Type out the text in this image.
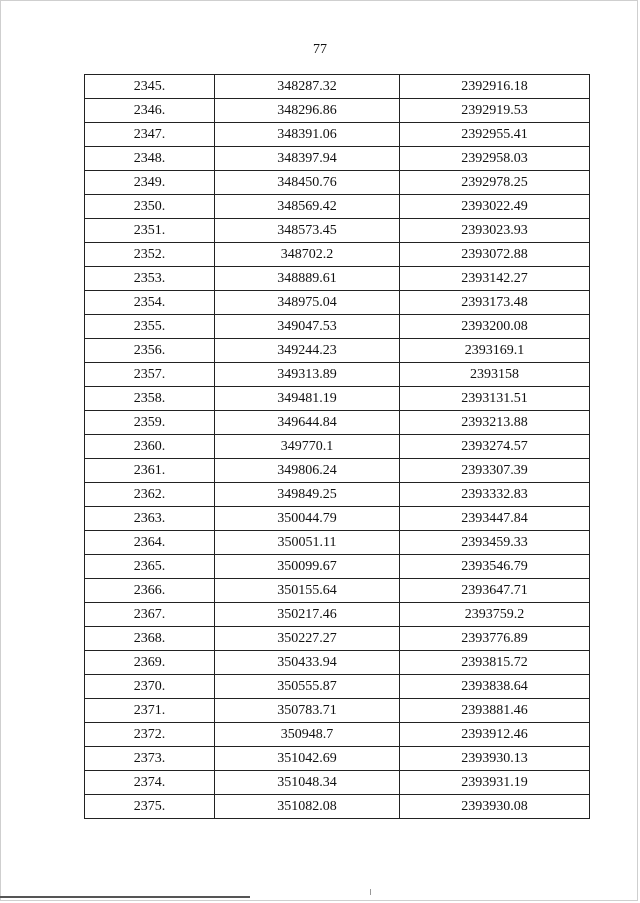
77
2345.	348287.32	2392916.18
2346.	348296.86	2392919.53
2347.	348391.06	2392955.41
2348.	348397.94	2392958.03
2349.	348450.76	2392978.25
2350.	348569.42	2393022.49
2351.	348573.45	2393023.93
2352.	348702.2	2393072.88
2353.	348889.61	2393142.27
2354.	348975.04	2393173.48
2355.	349047.53	2393200.08
2356.	349244.23	2393169.1
2357.	349313.89	2393158
2358.	349481.19	2393131.51
2359.	349644.84	2393213.88
2360.	349770.1	2393274.57
2361.	349806.24	2393307.39
2362.	349849.25	2393332.83
2363.	350044.79	2393447.84
2364.	350051.11	2393459.33
2365.	350099.67	2393546.79
2366.	350155.64	2393647.71
2367.	350217.46	2393759.2
2368.	350227.27	2393776.89
2369.	350433.94	2393815.72
2370.	350555.87	2393838.64
2371.	350783.71	2393881.46
2372.	350948.7	2393912.46
2373.	351042.69	2393930.13
2374.	351048.34	2393931.19
2375.	351082.08	2393930.08
